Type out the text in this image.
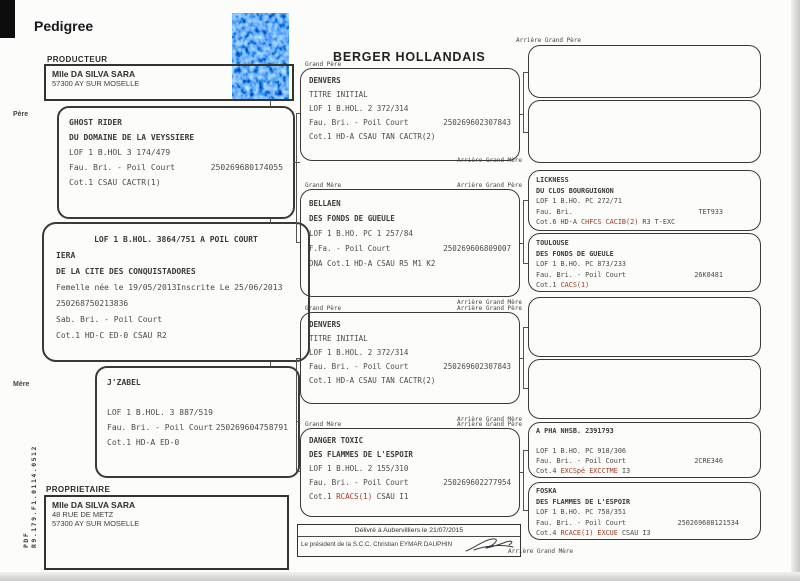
Pedigree
BERGER HOLLANDAIS
PRODUCTEUR
Mlle DA SILVA SARA
57300 AY SUR MOSELLE
Père
Mère
Grand Père
Grand Mère
Grand Père
Grand Mère
Arrière Grand Père
Arrière Grand Mère
Arrière Grand Père
Arrière Grand Mère
Arrière Grand Père
Arrière Grand Mère
Arrière Grand Père
Arrière Grand Mère
GHOST RIDER
DU DOMAINE DE LA VEYSSIERE
LOF 1 B.HOL 3 174/479
Fau. Bri. - Poil Court	250269680174055
Cot.1 CSAU CACTR(1)
LOF 1 B.HOL. 3864/751 A POIL COURT
IERA
DE LA CITE DES CONQUISTADORES
Femelle née le 19/05/2013 Inscrite Le 25/06/2013
250268750213836
Sab. Bri. - Poil Court
Cot.1 HD-C ED-0 CSAU R2
J'ZABEL
LOF 1 B.HOL. 3 887/519
Fau. Bri. - Poil Court 250269604758791
Cot.1 HD-A ED-0
PROPRIETAIRE
Mlle DA SILVA SARA
48 RUE DE METZ
57300 AY SUR MOSELLE
PDF R9.179.F1.0114.0512
DENVERS
TITRE INITIAL
LOF 1 B.HOL. 2 372/314
Fau. Bri. - Poil Court	250269602307843
Cot.1 HD-A CSAU TAN CACTR(2)
BELLAEN
DES FONDS DE GUEULE
LOF 1 B.HO. PC 1 257/84
F.Fa. - Poil Court	250269606809007
DNA Cot.1 HD-A CSAU R5 M1 K2
DENVERS
TITRE INITIAL
LOF 1 B.HOL. 2 372/314
Fau. Bri. - Poil Court	250269602307843
Cot.1 HD-A CSAU TAN CACTR(2)
DANGER TOXIC
DES FLAMMES DE L'ESPOIR
LOF 1 B.HOL. 2 155/310
Fau. Bri. - Poil Court	250269602277954
Cot.1 RCACS(1) CSAU I1
Délivré à Aubervilliers le 21/07/2015
Le président de la S.C.C. Christian EYMAR DAUPHIN
LICKNESS
DU CLOS BOURGUIGNON
LOF 1 B.HO. PC 272/71
Fau. Bri.	TET933
Cot.6 HD-A CHFCS CACIB(2) R3 T-EXC
TOULOUSE
DES FONDS DE GUEULE
LOF 1 B.HO. PC 873/233
Fau. Bri. - Poil Court	26K0481
Cot.1 CACS(1)
A PHA NHSB. 2391793
LOF 1 B.HO. PC 918/306
Fau. Bri. - Poil Court	2CRE346
Cot.4 EXCSpé EXCCTME I3
FOSKA
DES FLAMMES DE L'ESPOIR
LOF 1 B.HO. PC 758/351
Fau. Bri. - Poil Court	250269688121534
Cot.4 RCACE(1) EXCUE CSAU I3
